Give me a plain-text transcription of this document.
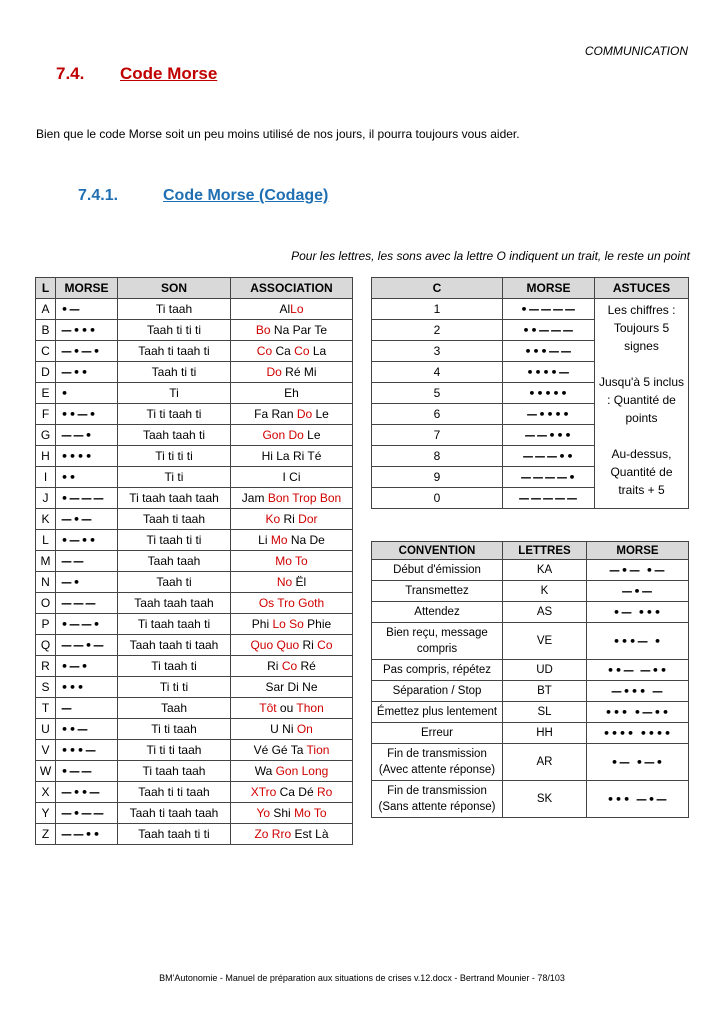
COMMUNICATION
7.4. Code Morse
Bien que le code Morse soit un peu moins utilisé de nos jours, il pourra toujours vous aider.
7.4.1.	Code Morse (Codage)
Pour les lettres, les sons avec la lettre O indiquent un trait, le reste un point
L	MORSE	SON	ASSOCIATION
A	•—	Ti taah	AlLo
B	—•••	Taah ti ti ti	Bo Na Par Te
C	—•—•	Taah ti taah ti	Co Ca Co La
D	—••	Taah ti ti	Do Ré Mi
E	•	Ti	Eh
F	••—•	Ti ti taah ti	Fa Ran Do Le
G	——•	Taah taah ti	Gon Do Le
H	••••	Ti ti ti ti	Hi La Ri Té
I	••	Ti ti	I Ci
J	•———	Ti taah taah taah	Jam Bon Trop Bon
K	—•—	Taah ti taah	Ko Ri Dor
L	•—••	Ti taah ti ti	Li Mo Na De
M	——	Taah taah	Mo To
N	—•	Taah ti	No Ël
O	———	Taah taah taah	Os Tro Goth
P	•——•	Ti taah taah ti	Phi Lo So Phie
Q	——•—	Taah taah ti taah	Quo Quo Ri Co
R	•—•	Ti taah ti	Ri Co Ré
S	•••	Ti ti ti	Sar Di Ne
T	—	Taah	Tôt ou Thon
U	••—	Ti ti taah	U Ni On
V	•••—	Ti ti ti taah	Vé Gé Ta Tion
W	•——	Ti taah taah	Wa Gon Long
X	—••—	Taah ti ti taah	XTro Ca Dé Ro
Y	—•——	Taah ti taah taah	Yo Shi Mo To
Z	——••	Taah taah ti ti	Zo Rro Est Là
C	MORSE	ASTUCES
1	•————	Les chiffres : Toujours 5 signes
Jusqu'à 5 inclus : Quantité de points
Au-dessus, Quantité de traits + 5

2	••———	
3	•••——	
4	••••—	
5	•••••	
6	—••••	
7	——•••	
8	———••	
9	————•	
0	—————	
CONVENTION	LETTRES	MORSE
Début d'émission	KA	—•— •—
Transmettez	K	—•—
Attendez	AS	•— •••
Bien reçu, message compris	VE	•••— •
Pas compris, répétez	UD	••— —••
Séparation / Stop	BT	—••• —
Émettez plus lentement	SL	••• •—••
Erreur	HH	•••• ••••
Fin de transmission (Avec attente réponse)	AR	•— •—•
Fin de transmission (Sans attente réponse)	SK	••• —•—
BM'Autonomie - Manuel de préparation aux situations de crises v.12.docx - Bertrand Mounier - 78/103
